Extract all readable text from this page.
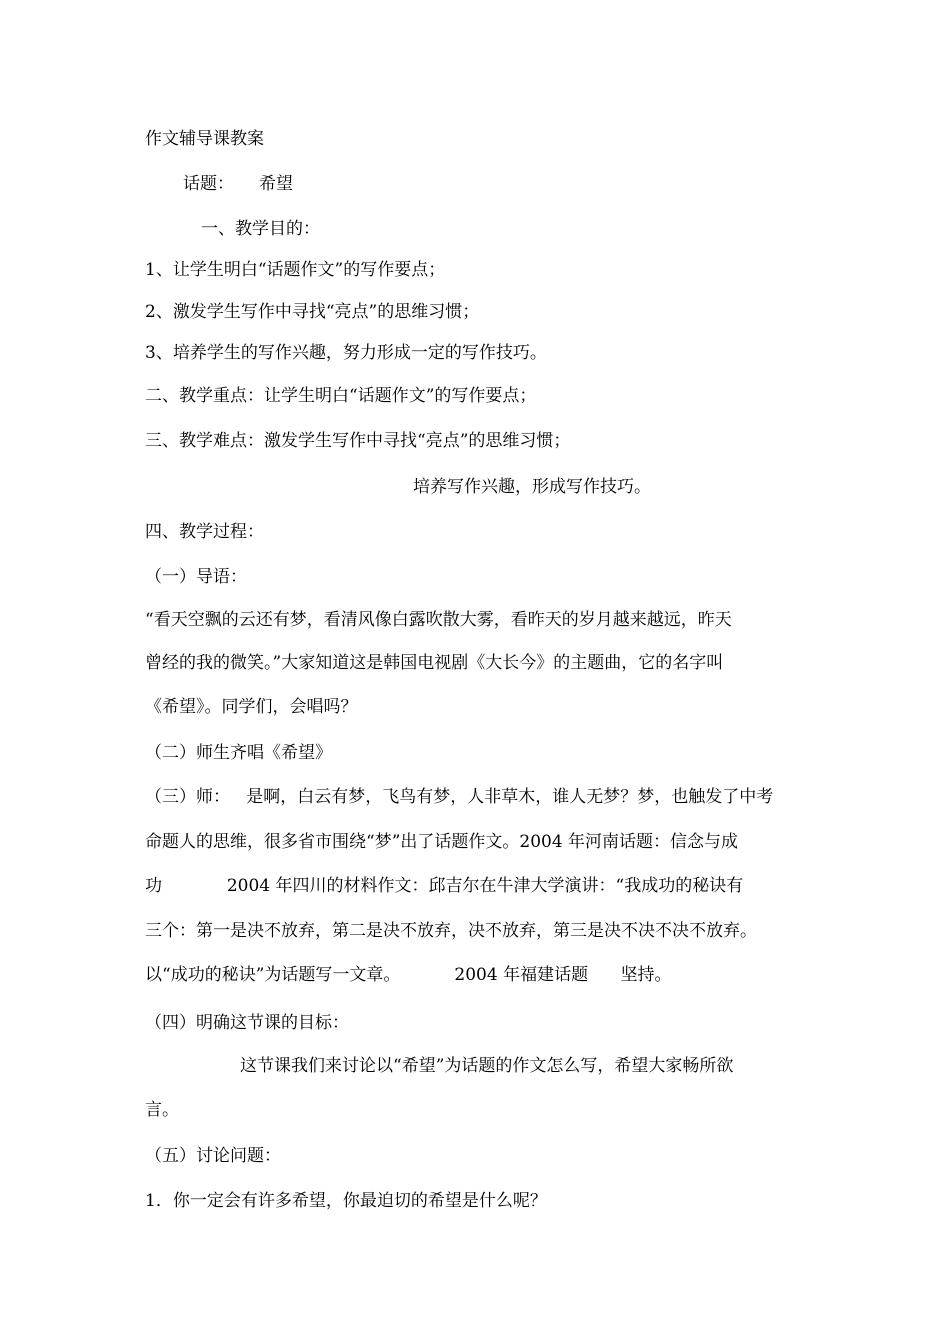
作文辅导课教案
话题： 希望
一、教学目的：
1、让学生明白“话题作文”的写作要点；
2、激发学生写作中寻找“亮点”的思维习惯；
3、培养学生的写作兴趣，努力形成一定的写作技巧。
二、教学重点：让学生明白“话题作文”的写作要点；
三、教学难点：激发学生写作中寻找“亮点”的思维习惯；
培养写作兴趣，形成写作技巧。
四、教学过程：
（一）导语：
“看天空飘的云还有梦，看清风像白露吹散大雾，看昨天的岁月越来越远，昨天
曾经的我的微笑。”大家知道这是韩国电视剧《大长今》的主题曲，它的名字叫
《希望》。同学们，会唱吗？
（二）师生齐唱《希望》
（三）师：   是啊，白云有梦，飞鸟有梦，人非草木，谁人无梦？梦，也触发了中考
命题人的思维，很多省市围绕“梦”出了话题作文。2004 年河南话题：信念与成
功            2004 年四川的材料作文：邱吉尔在牛津大学演讲：“我成功的秘诀有
三个：第一是决不放弃，第二是决不放弃，决不放弃，第三是决不决不决不放弃。
以“成功的秘诀”为话题写一文章。          2004 年福建话题      坚持。
（四）明确这节课的目标：
这节课我们来讨论以“希望”为话题的作文怎么写，希望大家畅所欲
言。
（五）讨论问题：
1．你一定会有许多希望，你最迫切的希望是什么呢？
